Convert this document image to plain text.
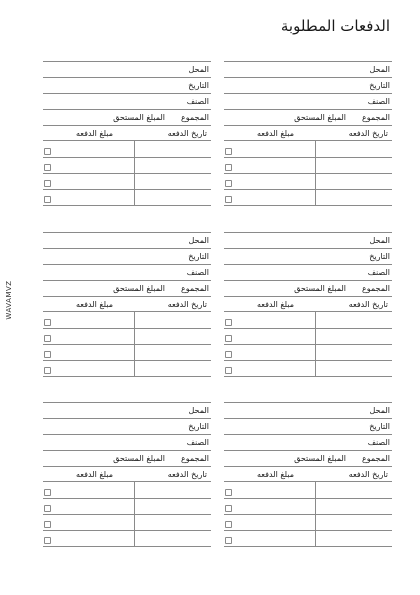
الدفعات المطلوبة
WAVAMVZ
المحل
التاريخ
الصنف
المجموع
المبلغ المستحق
تاريخ الدفعه
مبلغ الدفعه
المحل
التاريخ
الصنف
المجموع
المبلغ المستحق
تاريخ الدفعه
مبلغ الدفعه
المحل
التاريخ
الصنف
المجموع
المبلغ المستحق
تاريخ الدفعه
مبلغ الدفعه
المحل
التاريخ
الصنف
المجموع
المبلغ المستحق
تاريخ الدفعه
مبلغ الدفعه
المحل
التاريخ
الصنف
المجموع
المبلغ المستحق
تاريخ الدفعه
مبلغ الدفعه
المحل
التاريخ
الصنف
المجموع
المبلغ المستحق
تاريخ الدفعه
مبلغ الدفعه
